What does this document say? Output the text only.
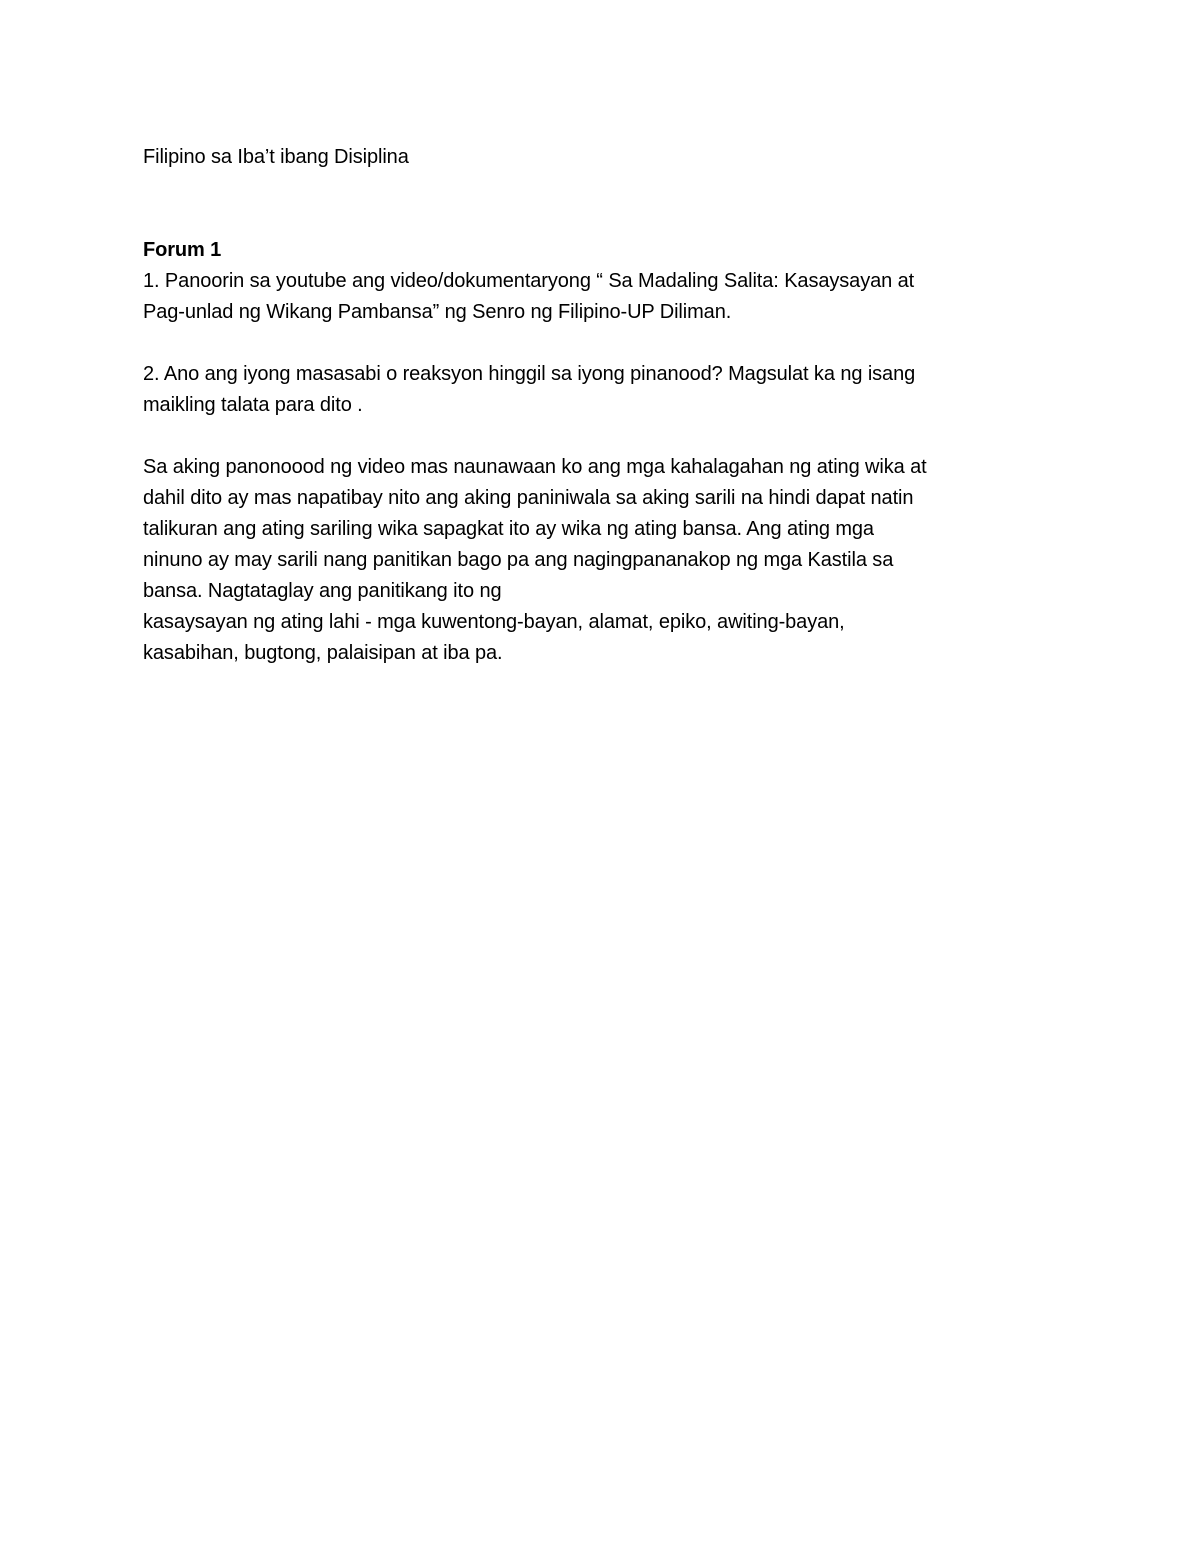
Filipino sa Iba’t ibang Disiplina

Forum 1

1. Panoorin sa youtube ang video/dokumentaryong “ Sa Madaling Salita: Kasaysayan at
Pag-unlad ng Wikang Pambansa” ng Senro ng Filipino-UP Diliman.

2. Ano ang iyong masasabi o reaksyon hinggil sa iyong pinanood? Magsulat ka ng isang
maikling talata para dito .

Sa aking panonoood ng video mas naunawaan ko ang mga kahalagahan ng ating wika at
dahil dito ay mas napatibay nito ang aking paniniwala sa aking sarili na hindi dapat natin
talikuran ang ating sariling wika sapagkat ito ay wika ng ating bansa. Ang ating mga
ninuno ay may sarili nang panitikan bago pa ang nagingpananakop ng mga Kastila sa
bansa. Nagtataglay ang panitikang ito ng
kasaysayan ng ating lahi - mga kuwentong-bayan, alamat, epiko, awiting-bayan,
kasabihan, bugtong, palaisipan at iba pa.
